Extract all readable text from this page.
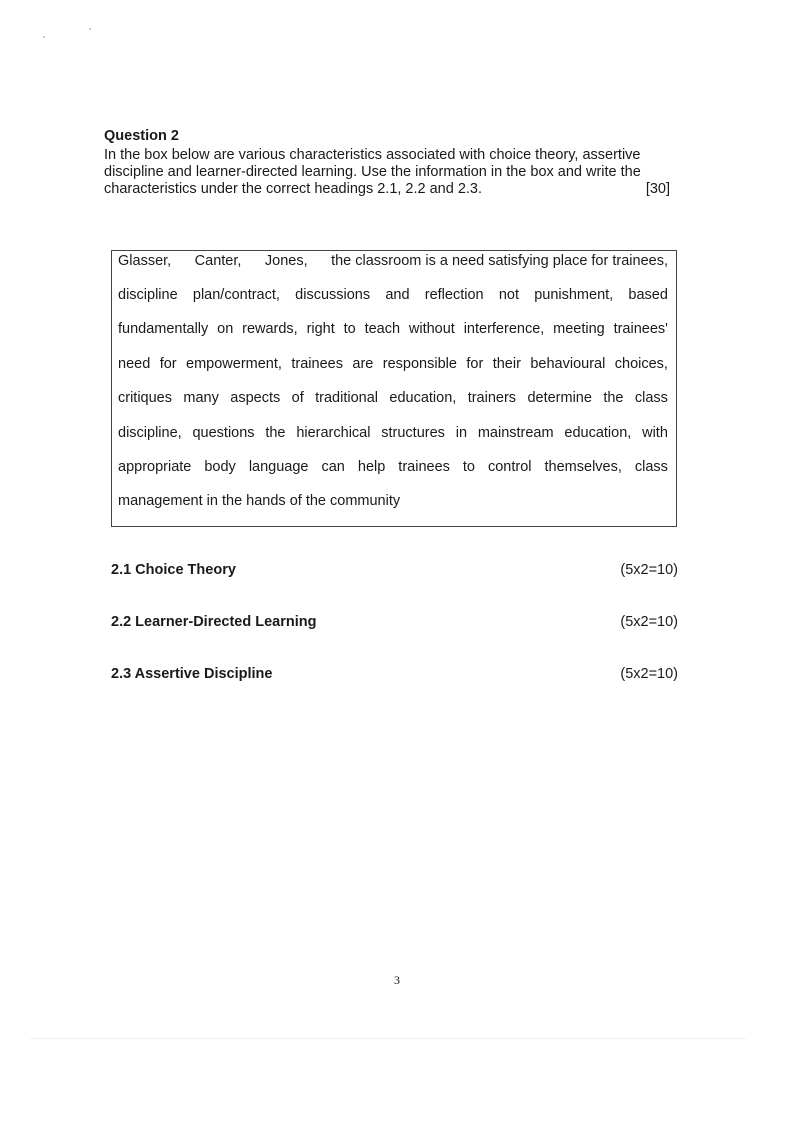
Question 2
In the box below are various characteristics associated with choice theory, assertive
discipline and learner-directed learning. Use the information in the box and write the
characteristics under the correct headings 2.1, 2.2 and 2.3.	[30]
Glasser, Canter, Jones, the classroom is a need satisfying place for trainees,
discipline plan/contract, discussions and reflection not punishment, based
fundamentally on rewards, right to teach without interference, meeting trainees'
need for empowerment, trainees are responsible for their behavioural choices,
critiques many aspects of traditional education, trainers determine the class
discipline, questions the hierarchical structures in mainstream education, with
appropriate body language can help trainees to control themselves, class
management in the hands of the community
2.1 Choice Theory	(5x2=10)
2.2 Learner-Directed Learning	(5x2=10)
2.3 Assertive Discipline	(5x2=10)
3
